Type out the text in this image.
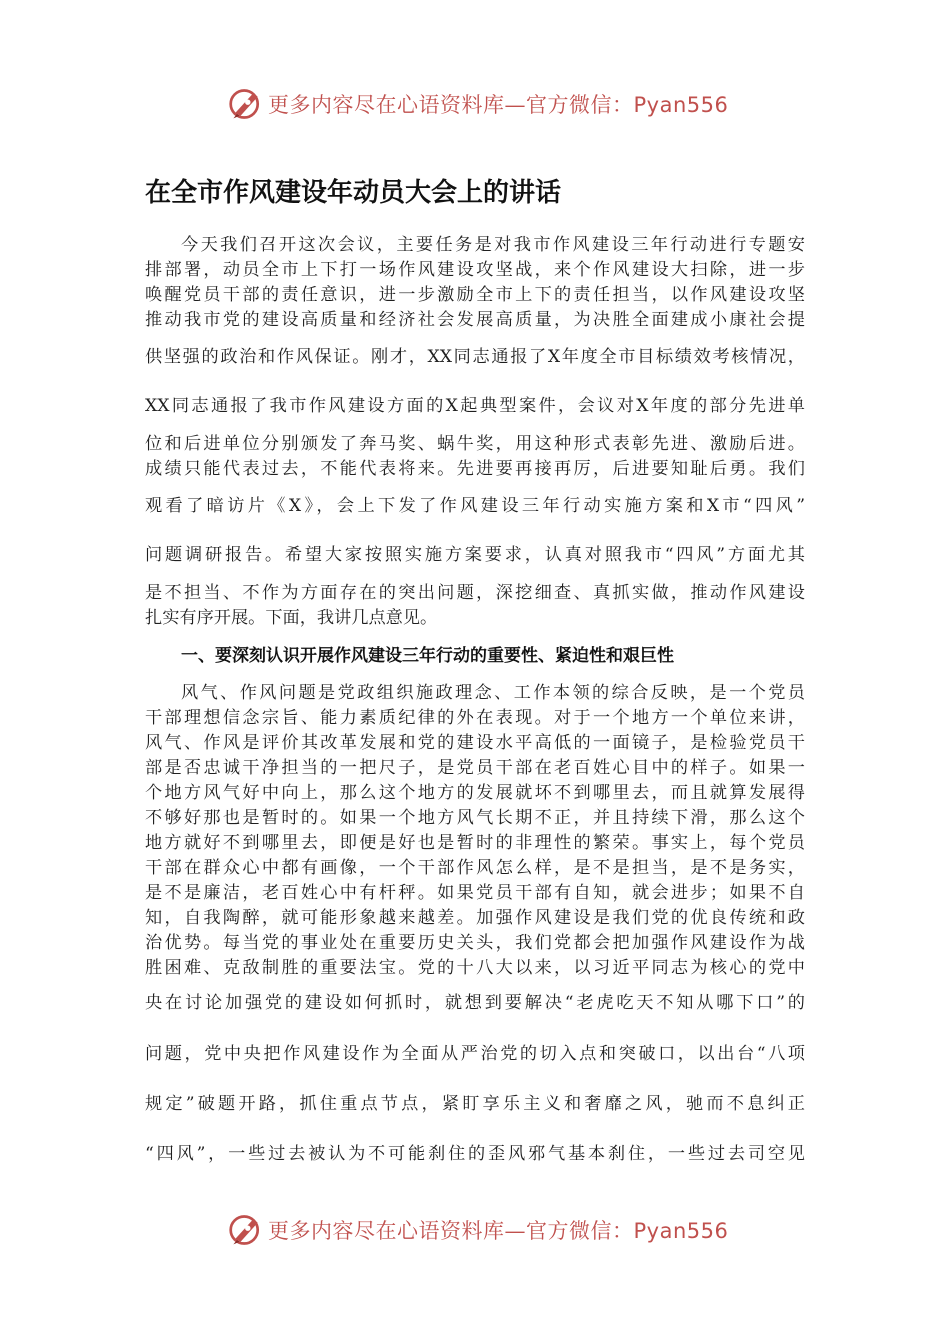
更多内容尽在心语资料库—官方微信：Pyan556
在全市作风建设年动员大会上的讲话
今天我们召开这次会议，主要任务是对我市作风建设三年行动进行专题安
排部署，动员全市上下打一场作风建设攻坚战，来个作风建设大扫除，进一步
唤醒党员干部的责任意识，进一步激励全市上下的责任担当，以作风建设攻坚
推动我市党的建设高质量和经济社会发展高质量，为决胜全面建成小康社会提
供坚强的政治和作风保证。刚才，XX同志通报了X年度全市目标绩效考核情况，
XX同志通报了我市作风建设方面的X起典型案件，会议对X年度的部分先进单
位和后进单位分别颁发了奔马奖、蜗牛奖，用这种形式表彰先进、激励后进。
成绩只能代表过去，不能代表将来。先进要再接再厉，后进要知耻后勇。我们
观看了暗访片《X》，会上下发了作风建设三年行动实施方案和X市“四风”
问题调研报告。希望大家按照实施方案要求，认真对照我市“四风”方面尤其
是不担当、不作为方面存在的突出问题，深挖细查、真抓实做，推动作风建设
扎实有序开展。下面，我讲几点意见。
一、要深刻认识开展作风建设三年行动的重要性、紧迫性和艰巨性
风气、作风问题是党政组织施政理念、工作本领的综合反映，是一个党员
干部理想信念宗旨、能力素质纪律的外在表现。对于一个地方一个单位来讲，
风气、作风是评价其改革发展和党的建设水平高低的一面镜子，是检验党员干
部是否忠诚干净担当的一把尺子，是党员干部在老百姓心目中的样子。如果一
个地方风气好中向上，那么这个地方的发展就坏不到哪里去，而且就算发展得
不够好那也是暂时的。如果一个地方风气长期不正，并且持续下滑，那么这个
地方就好不到哪里去，即便是好也是暂时的非理性的繁荣。事实上，每个党员
干部在群众心中都有画像，一个干部作风怎么样，是不是担当，是不是务实，
是不是廉洁，老百姓心中有杆秤。如果党员干部有自知，就会进步；如果不自
知，自我陶醉，就可能形象越来越差。加强作风建设是我们党的优良传统和政
治优势。每当党的事业处在重要历史关头，我们党都会把加强作风建设作为战
胜困难、克敌制胜的重要法宝。党的十八大以来，以习近平同志为核心的党中
央在讨论加强党的建设如何抓时，就想到要解决“老虎吃天不知从哪下口”的
问题，党中央把作风建设作为全面从严治党的切入点和突破口，以出台“八项
规定”破题开路，抓住重点节点，紧盯享乐主义和奢靡之风，驰而不息纠正
“四风”，一些过去被认为不可能刹住的歪风邪气基本刹住，一些过去司空见
更多内容尽在心语资料库—官方微信：Pyan556
